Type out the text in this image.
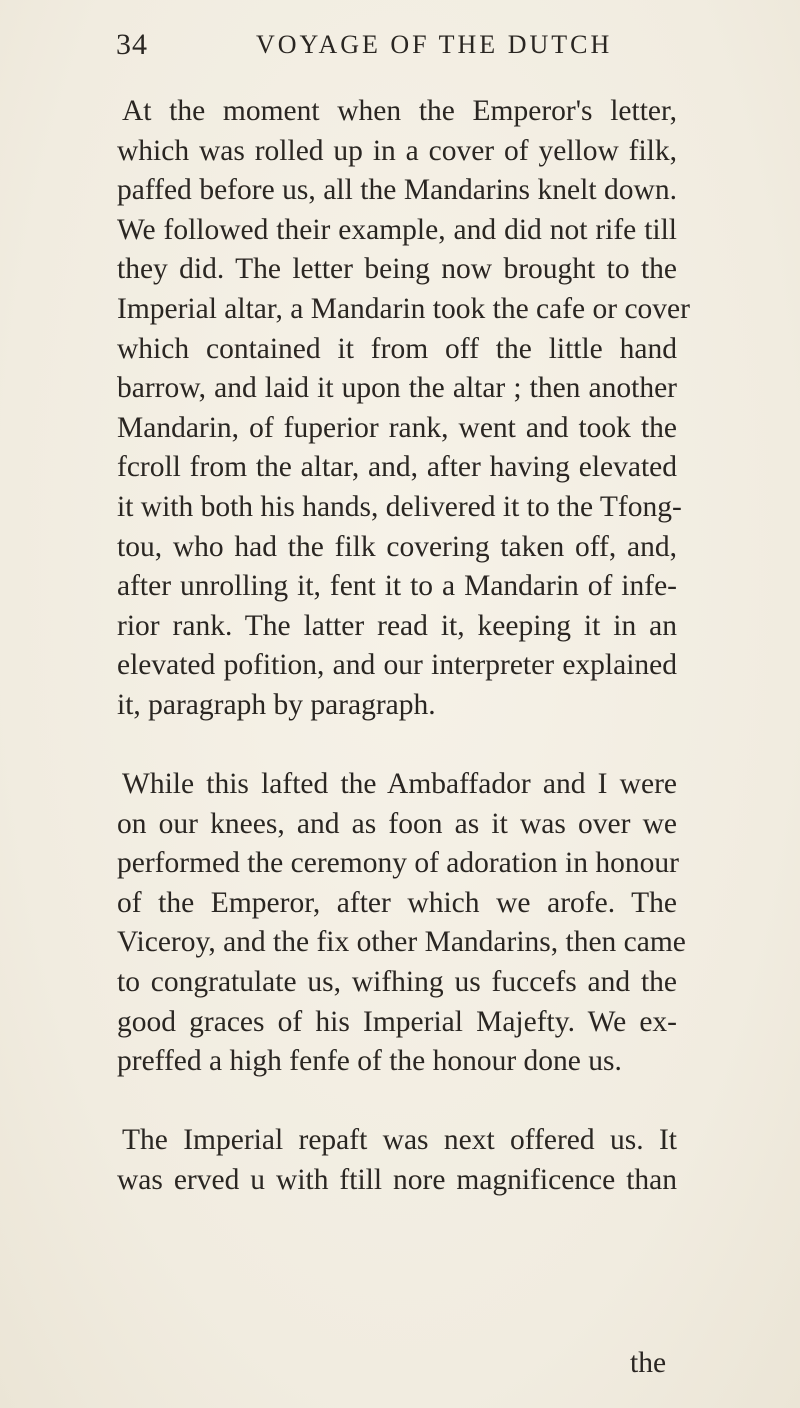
34	VOYAGE OF THE DUTCH

At the moment when the Emperor's letter,
which was rolled up in a cover of yellow filk,
paffed before us, all the Mandarins knelt down.
We followed their example, and did not rife till
they did. The letter being now brought to the
Imperial altar, a Mandarin took the cafe or cover
which contained it from off the little hand
barrow, and laid it upon the altar ; then another
Mandarin, of fuperior rank, went and took the
fcroll from the altar, and, after having elevated
it with both his hands, delivered it to the Tfong-
tou, who had the filk covering taken off, and,
after unrolling it, fent it to a Mandarin of infe-
rior rank. The latter read it, keeping it in an
elevated pofition, and our interpreter explained
it, paragraph by paragraph.

While this lafted the Ambaffador and I were
on our knees, and as foon as it was over we
performed the ceremony of adoration in honour
of the Emperor, after which we arofe. The
Viceroy, and the fix other Mandarins, then came
to congratulate us, wifhing us fuccefs and the
good graces of his Imperial Majefty. We ex-
preffed a high fenfe of the honour done us.

The Imperial repaft was next offered us. It
was erved u with ftill nore magnificence than

the
